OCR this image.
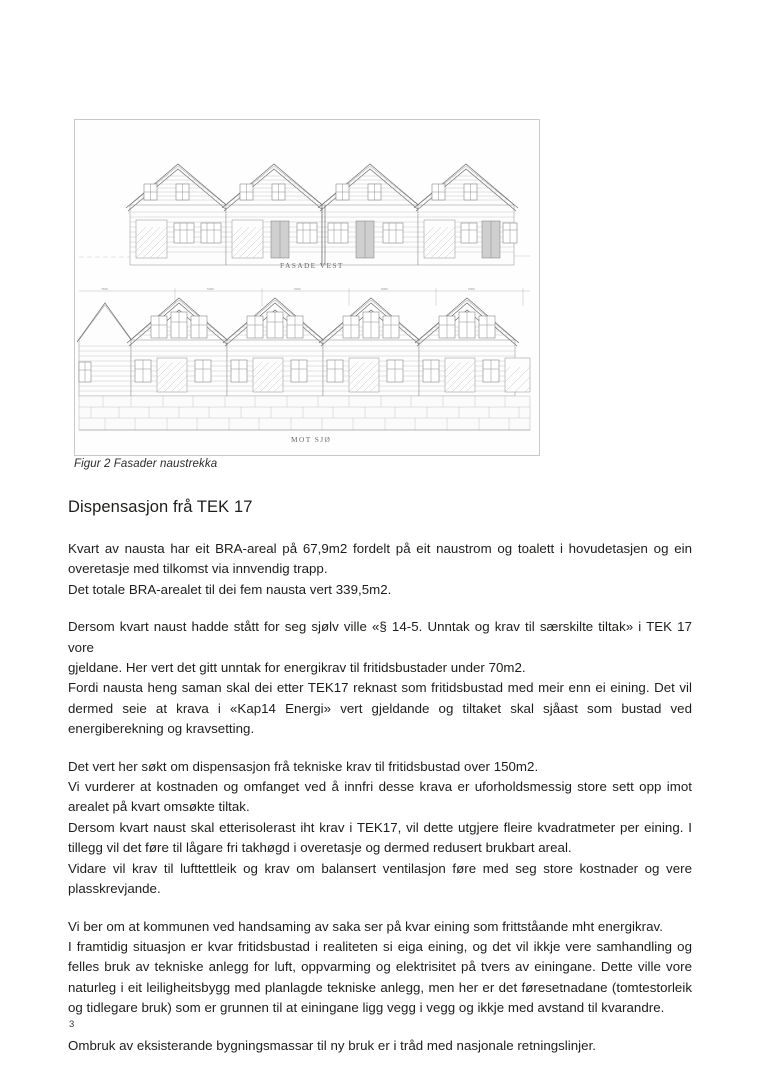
FASADE VEST
7848	5000	5000	5000	5000
MOT SJØ
Figur 2 Fasader naustrekka
Dispensasjon frå TEK 17

Kvart av nausta har eit BRA-areal på 67,9m2 fordelt på eit naustrom og toalett i hovudetasjen og ein
overetasje med tilkomst via innvendig trapp.
Det totale BRA-arealet til dei fem nausta vert 339,5m2.

Dersom kvart naust hadde stått for seg sjølv ville «§ 14-5. Unntak og krav til særskilte tiltak» i TEK 17 vore
gjeldane. Her vert det gitt unntak for energikrav til fritidsbustader under 70m2.
Fordi nausta heng saman skal dei etter TEK17 reknast som fritidsbustad med meir enn ei eining. Det vil
dermed seie at krava i «Kap14 Energi» vert gjeldande og tiltaket skal sjåast som bustad ved
energiberekning og kravsetting.

Det vert her søkt om dispensasjon frå tekniske krav til fritidsbustad over 150m2.
Vi vurderer at kostnaden og omfanget ved å innfri desse krava er uforholdsmessig store sett opp imot
arealet på kvart omsøkte tiltak.
Dersom kvart naust skal etterisolerast iht krav i TEK17, vil dette utgjere fleire kvadratmeter per eining. I
tillegg vil det føre til lågare fri takhøgd i overetasje og dermed redusert brukbart areal.
Vidare vil krav til lufttettleik og krav om balansert ventilasjon føre med seg store kostnader og vere
plasskrevjande.

Vi ber om at kommunen ved handsaming av saka ser på kvar eining som frittståande mht energikrav.
I framtidig situasjon er kvar fritidsbustad i realiteten si eiga eining, og det vil ikkje vere samhandling og
felles bruk av tekniske anlegg for luft, oppvarming og elektrisitet på tvers av einingane. Dette ville vore
naturleg i eit leiligheitsbygg med planlagde tekniske anlegg, men her er det føresetnadane (tomtestorleik
og tidlegare bruk) som er grunnen til at einingane ligg vegg i vegg og ikkje med avstand til kvarandre.

Ombruk av eksisterande bygningsmassar til ny bruk er i tråd med nasjonale retningslinjer.

3
